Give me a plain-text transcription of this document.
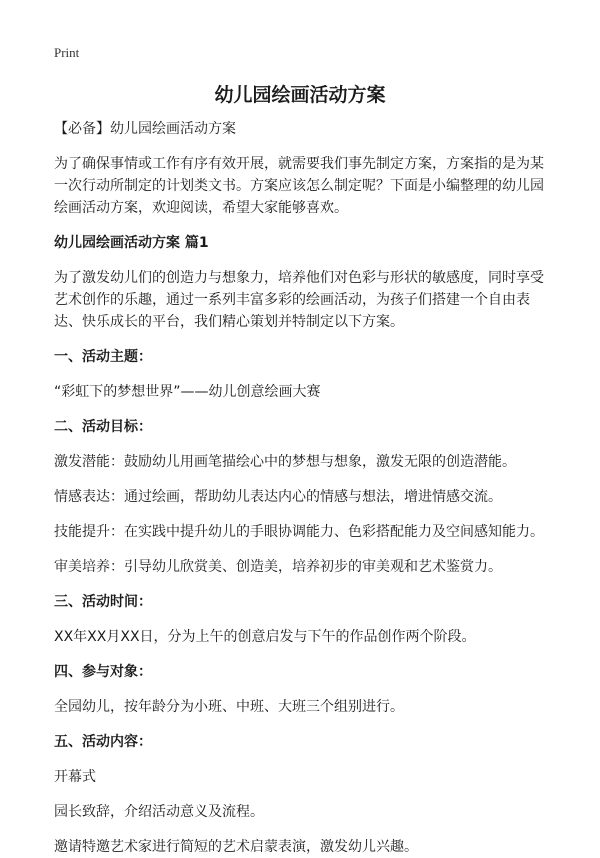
Print
幼儿园绘画活动方案

【必备】幼儿园绘画活动方案

为了确保事情或工作有序有效开展，就需要我们事先制定方案，方案指的是为某一次行动所制定的计划类文书。方案应该怎么制定呢？下面是小编整理的幼儿园绘画活动方案，欢迎阅读，希望大家能够喜欢。

幼儿园绘画活动方案 篇1

为了激发幼儿们的创造力与想象力，培养他们对色彩与形状的敏感度，同时享受艺术创作的乐趣，通过一系列丰富多彩的绘画活动，为孩子们搭建一个自由表达、快乐成长的平台，我们精心策划并特制定以下方案。

一、活动主题：

“彩虹下的梦想世界”——幼儿创意绘画大赛

二、活动目标：

激发潜能：鼓励幼儿用画笔描绘心中的梦想与想象，激发无限的创造潜能。

情感表达：通过绘画，帮助幼儿表达内心的情感与想法，增进情感交流。

技能提升：在实践中提升幼儿的手眼协调能力、色彩搭配能力及空间感知能力。

审美培养：引导幼儿欣赏美、创造美，培养初步的审美观和艺术鉴赏力。

三、活动时间：

XX年XX月XX日，分为上午的创意启发与下午的作品创作两个阶段。

四、参与对象：

全园幼儿，按年龄分为小班、中班、大班三个组别进行。

五、活动内容：

开幕式

园长致辞，介绍活动意义及流程。

邀请特邀艺术家进行简短的艺术启蒙表演，激发幼儿兴趣。
